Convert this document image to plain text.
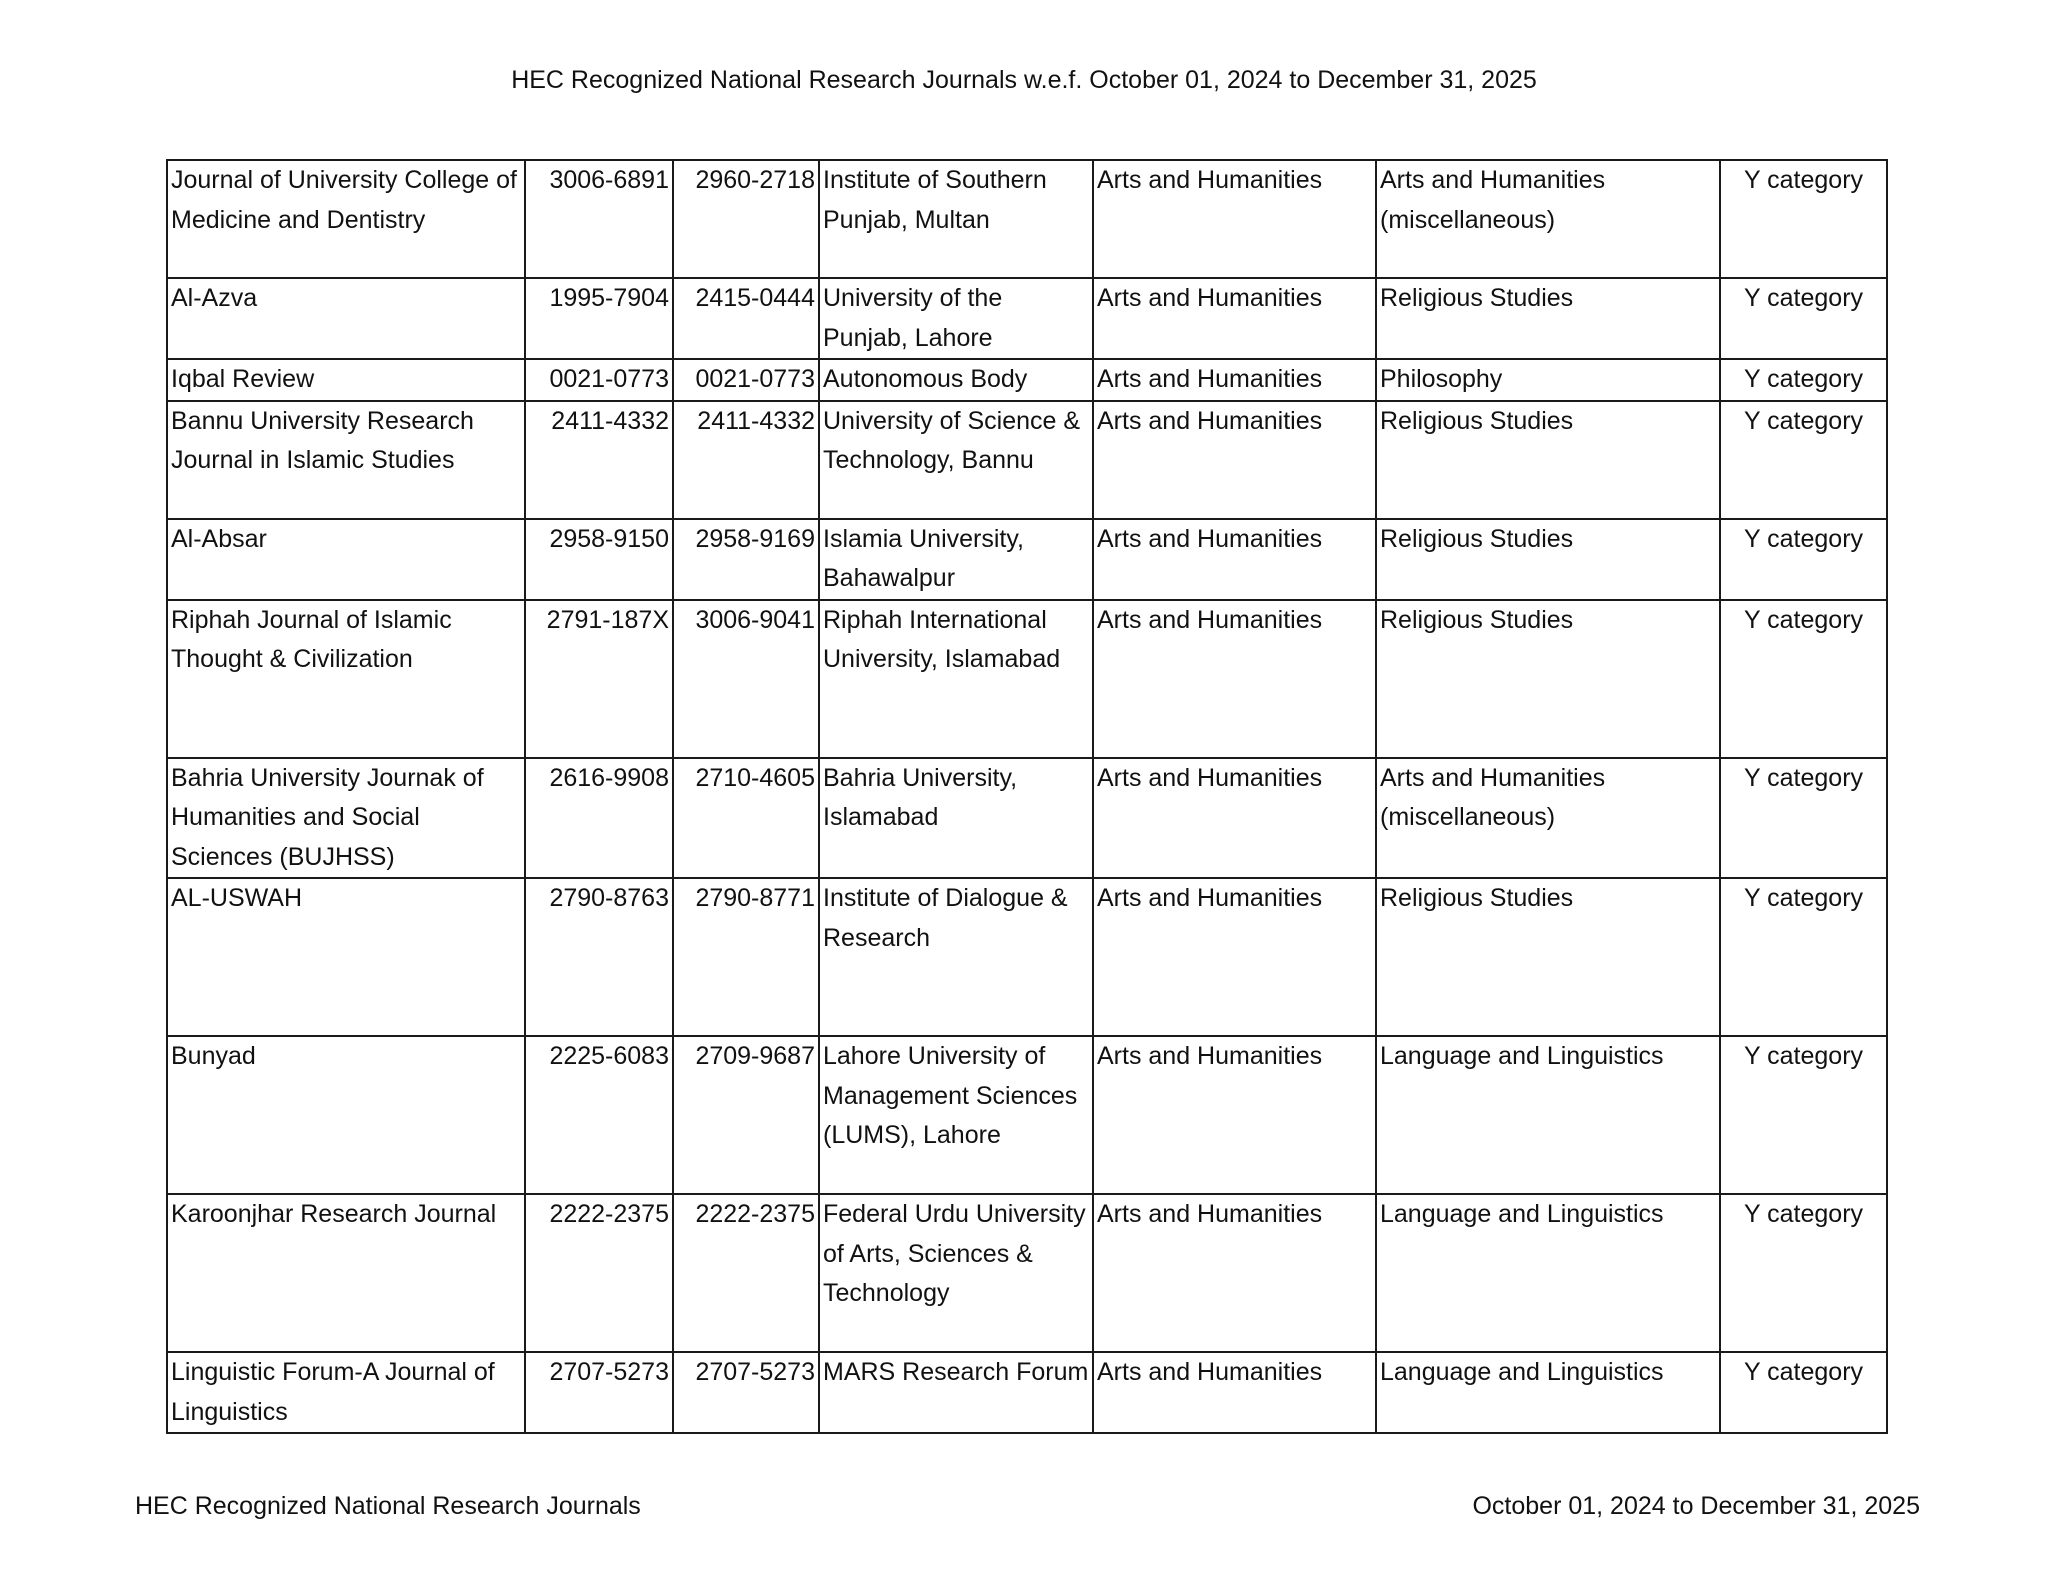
HEC Recognized National Research Journals w.e.f. October 01, 2024 to December 31, 2025
Journal of University College of Medicine and Dentistry	3006-6891	2960-2718	Institute of Southern Punjab, Multan	Arts and Humanities	Arts and Humanities (miscellaneous)	Y category
Al-Azva	1995-7904	2415-0444	University of the Punjab, Lahore	Arts and Humanities	Religious Studies	Y category
Iqbal Review	0021-0773	0021-0773	Autonomous Body	Arts and Humanities	Philosophy	Y category
Bannu University Research Journal in Islamic Studies	2411-4332	2411-4332	University of Science & Technology, Bannu	Arts and Humanities	Religious Studies	Y category
Al-Absar	2958-9150	2958-9169	Islamia University, Bahawalpur	Arts and Humanities	Religious Studies	Y category
Riphah Journal of Islamic Thought & Civilization	2791-187X	3006-9041	Riphah International University, Islamabad	Arts and Humanities	Religious Studies	Y category
Bahria University Journak of Humanities and Social Sciences (BUJHSS)	2616-9908	2710-4605	Bahria University, Islamabad	Arts and Humanities	Arts and Humanities (miscellaneous)	Y category
AL-USWAH	2790-8763	2790-8771	Institute of Dialogue & Research	Arts and Humanities	Religious Studies	Y category
Bunyad	2225-6083	2709-9687	Lahore University of Management Sciences (LUMS), Lahore	Arts and Humanities	Language and Linguistics	Y category
Karoonjhar Research Journal	2222-2375	2222-2375	Federal Urdu University of Arts, Sciences & Technology	Arts and Humanities	Language and Linguistics	Y category
Linguistic Forum-A Journal of Linguistics	2707-5273	2707-5273	MARS Research Forum	Arts and Humanities	Language and Linguistics	Y category
HEC Recognized National Research Journals	October 01, 2024 to December 31, 2025
